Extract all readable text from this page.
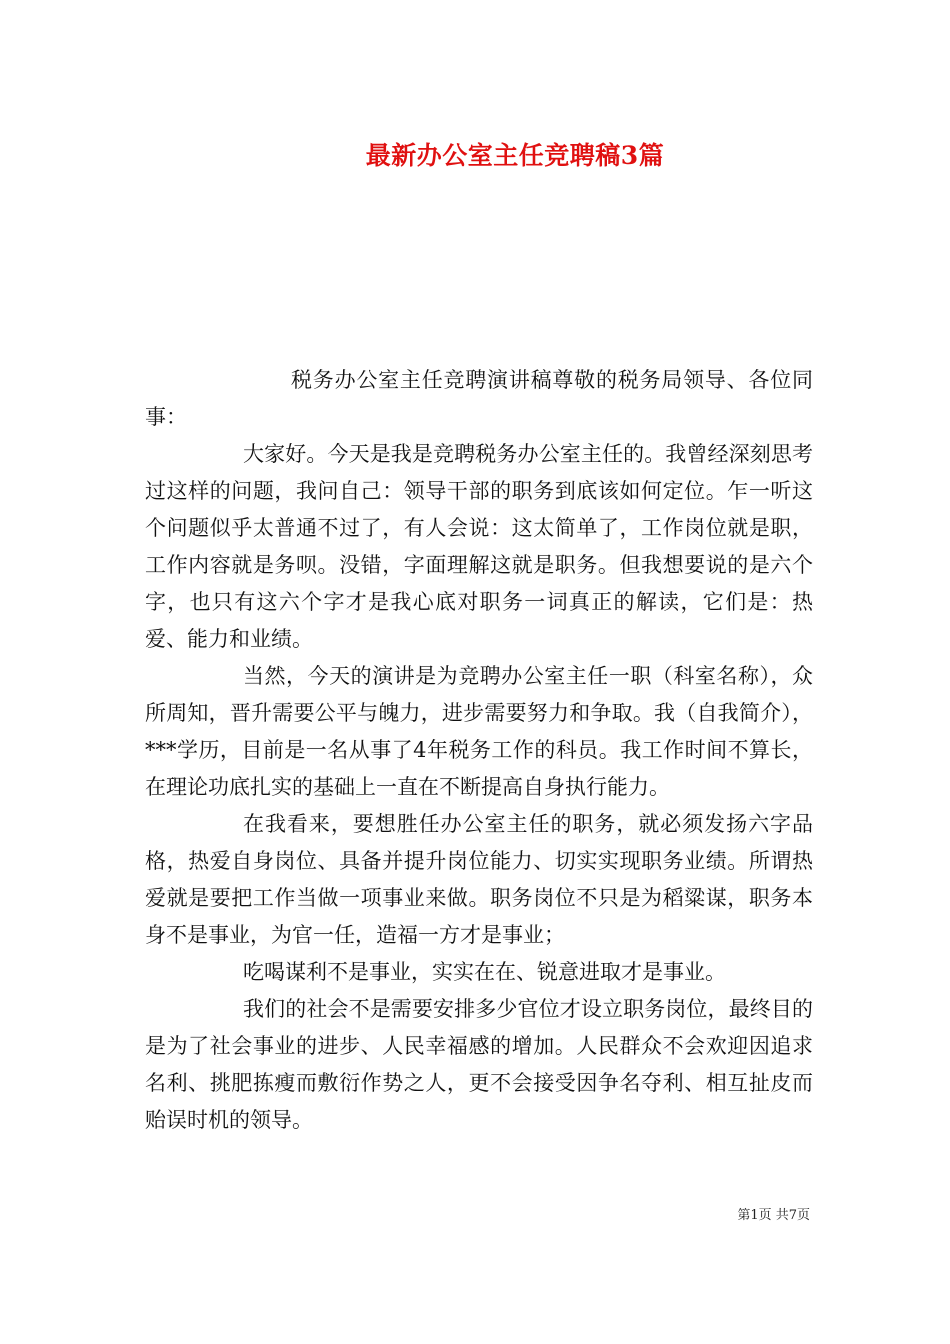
最新办公室主任竞聘稿3篇

税务办公室主任竞聘演讲稿尊敬的税务局领导、各位同事：

大家好。今天是我是竞聘税务办公室主任的。我曾经深刻思考过这样的问题，我问自己：领导干部的职务到底该如何定位。乍一听这个问题似乎太普通不过了，有人会说：这太简单了，工作岗位就是职，工作内容就是务呗。没错，字面理解这就是职务。但我想要说的是六个字，也只有这六个字才是我心底对职务一词真正的解读，它们是：热爱、能力和业绩。

当然，今天的演讲是为竞聘办公室主任一职（科室名称），众所周知，晋升需要公平与魄力，进步需要努力和争取。我（自我简介），***学历，目前是一名从事了4年税务工作的科员。我工作时间不算长，在理论功底扎实的基础上一直在不断提高自身执行能力。

在我看来，要想胜任办公室主任的职务，就必须发扬六字品格，热爱自身岗位、具备并提升岗位能力、切实实现职务业绩。所谓热爱就是要把工作当做一项事业来做。职务岗位不只是为稻粱谋，职务本身不是事业，为官一任，造福一方才是事业；

吃喝谋利不是事业，实实在在、锐意进取才是事业。

我们的社会不是需要安排多少官位才设立职务岗位，最终目的是为了社会事业的进步、人民幸福感的增加。人民群众不会欢迎因追求名利、挑肥拣瘦而敷衍作势之人，更不会接受因争名夺利、相互扯皮而贻误时机的领导。

第1页 共7页
